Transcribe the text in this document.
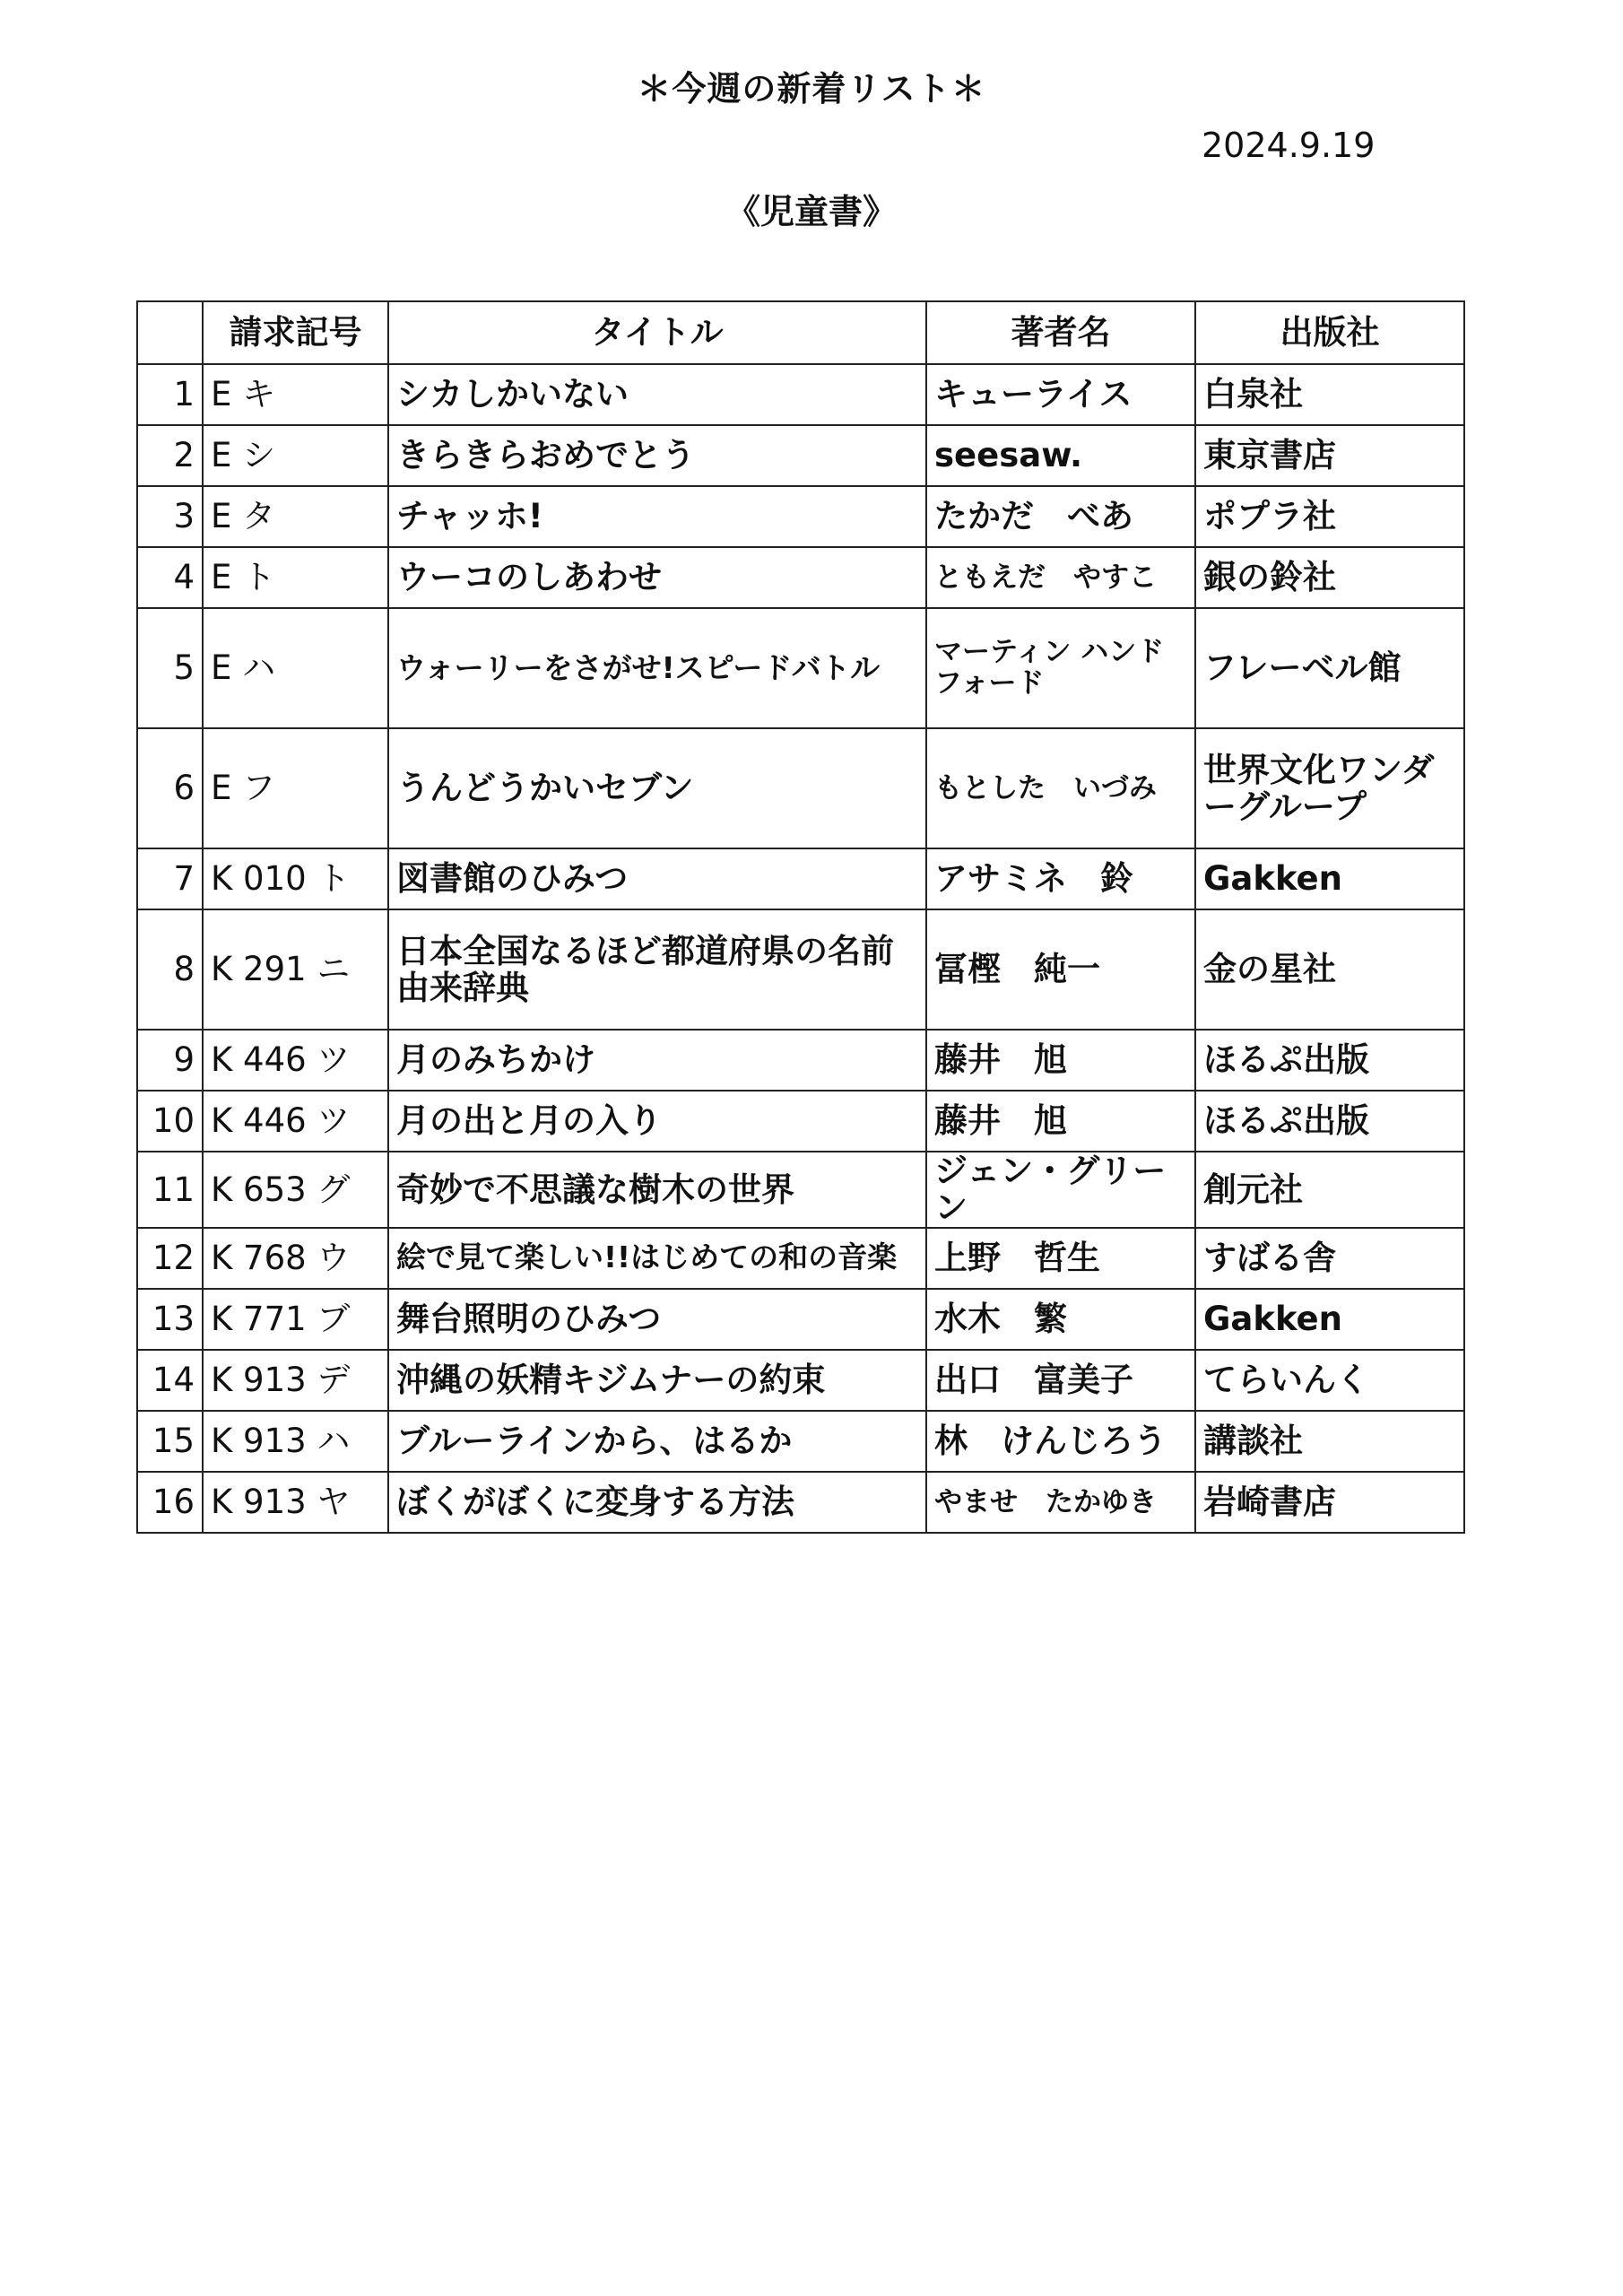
＊今週の新着リスト＊
2024.9.19
《児童書》
	請求記号	タイトル	著者名	出版社
1	E キ	シカしかいない	キューライス	白泉社
2	E シ	きらきらおめでとう	seesaw.	東京書店
3	E タ	チャッホ!	たかだ　べあ	ポプラ社
4	E ト	ウーコのしあわせ	ともえだ　やすこ	銀の鈴社
5	E ハ	ウォーリーをさがせ!スピードバトル	マーティン ハンドフォード	フレーベル館
6	E フ	うんどうかいセブン	もとした　いづみ	世界文化ワンダーグループ
7	K 010 ト	図書館のひみつ	アサミネ　鈴	Gakken
8	K 291 ニ	日本全国なるほど都道府県の名前由来辞典	冨樫　純一	金の星社
9	K 446 ツ	月のみちかけ	藤井　旭	ほるぷ出版
10	K 446 ツ	月の出と月の入り	藤井　旭	ほるぷ出版
11	K 653 グ	奇妙で不思議な樹木の世界	ジェン・グリーン	創元社
12	K 768 ウ	絵で見て楽しい!!はじめての和の音楽	上野　哲生	すばる舎
13	K 771 ブ	舞台照明のひみつ	水木　繁	Gakken
14	K 913 デ	沖縄の妖精キジムナーの約束	出口　富美子	てらいんく
15	K 913 ハ	ブルーラインから、はるか	林　けんじろう	講談社
16	K 913 ヤ	ぼくがぼくに変身する方法	やませ　たかゆき	岩崎書店
